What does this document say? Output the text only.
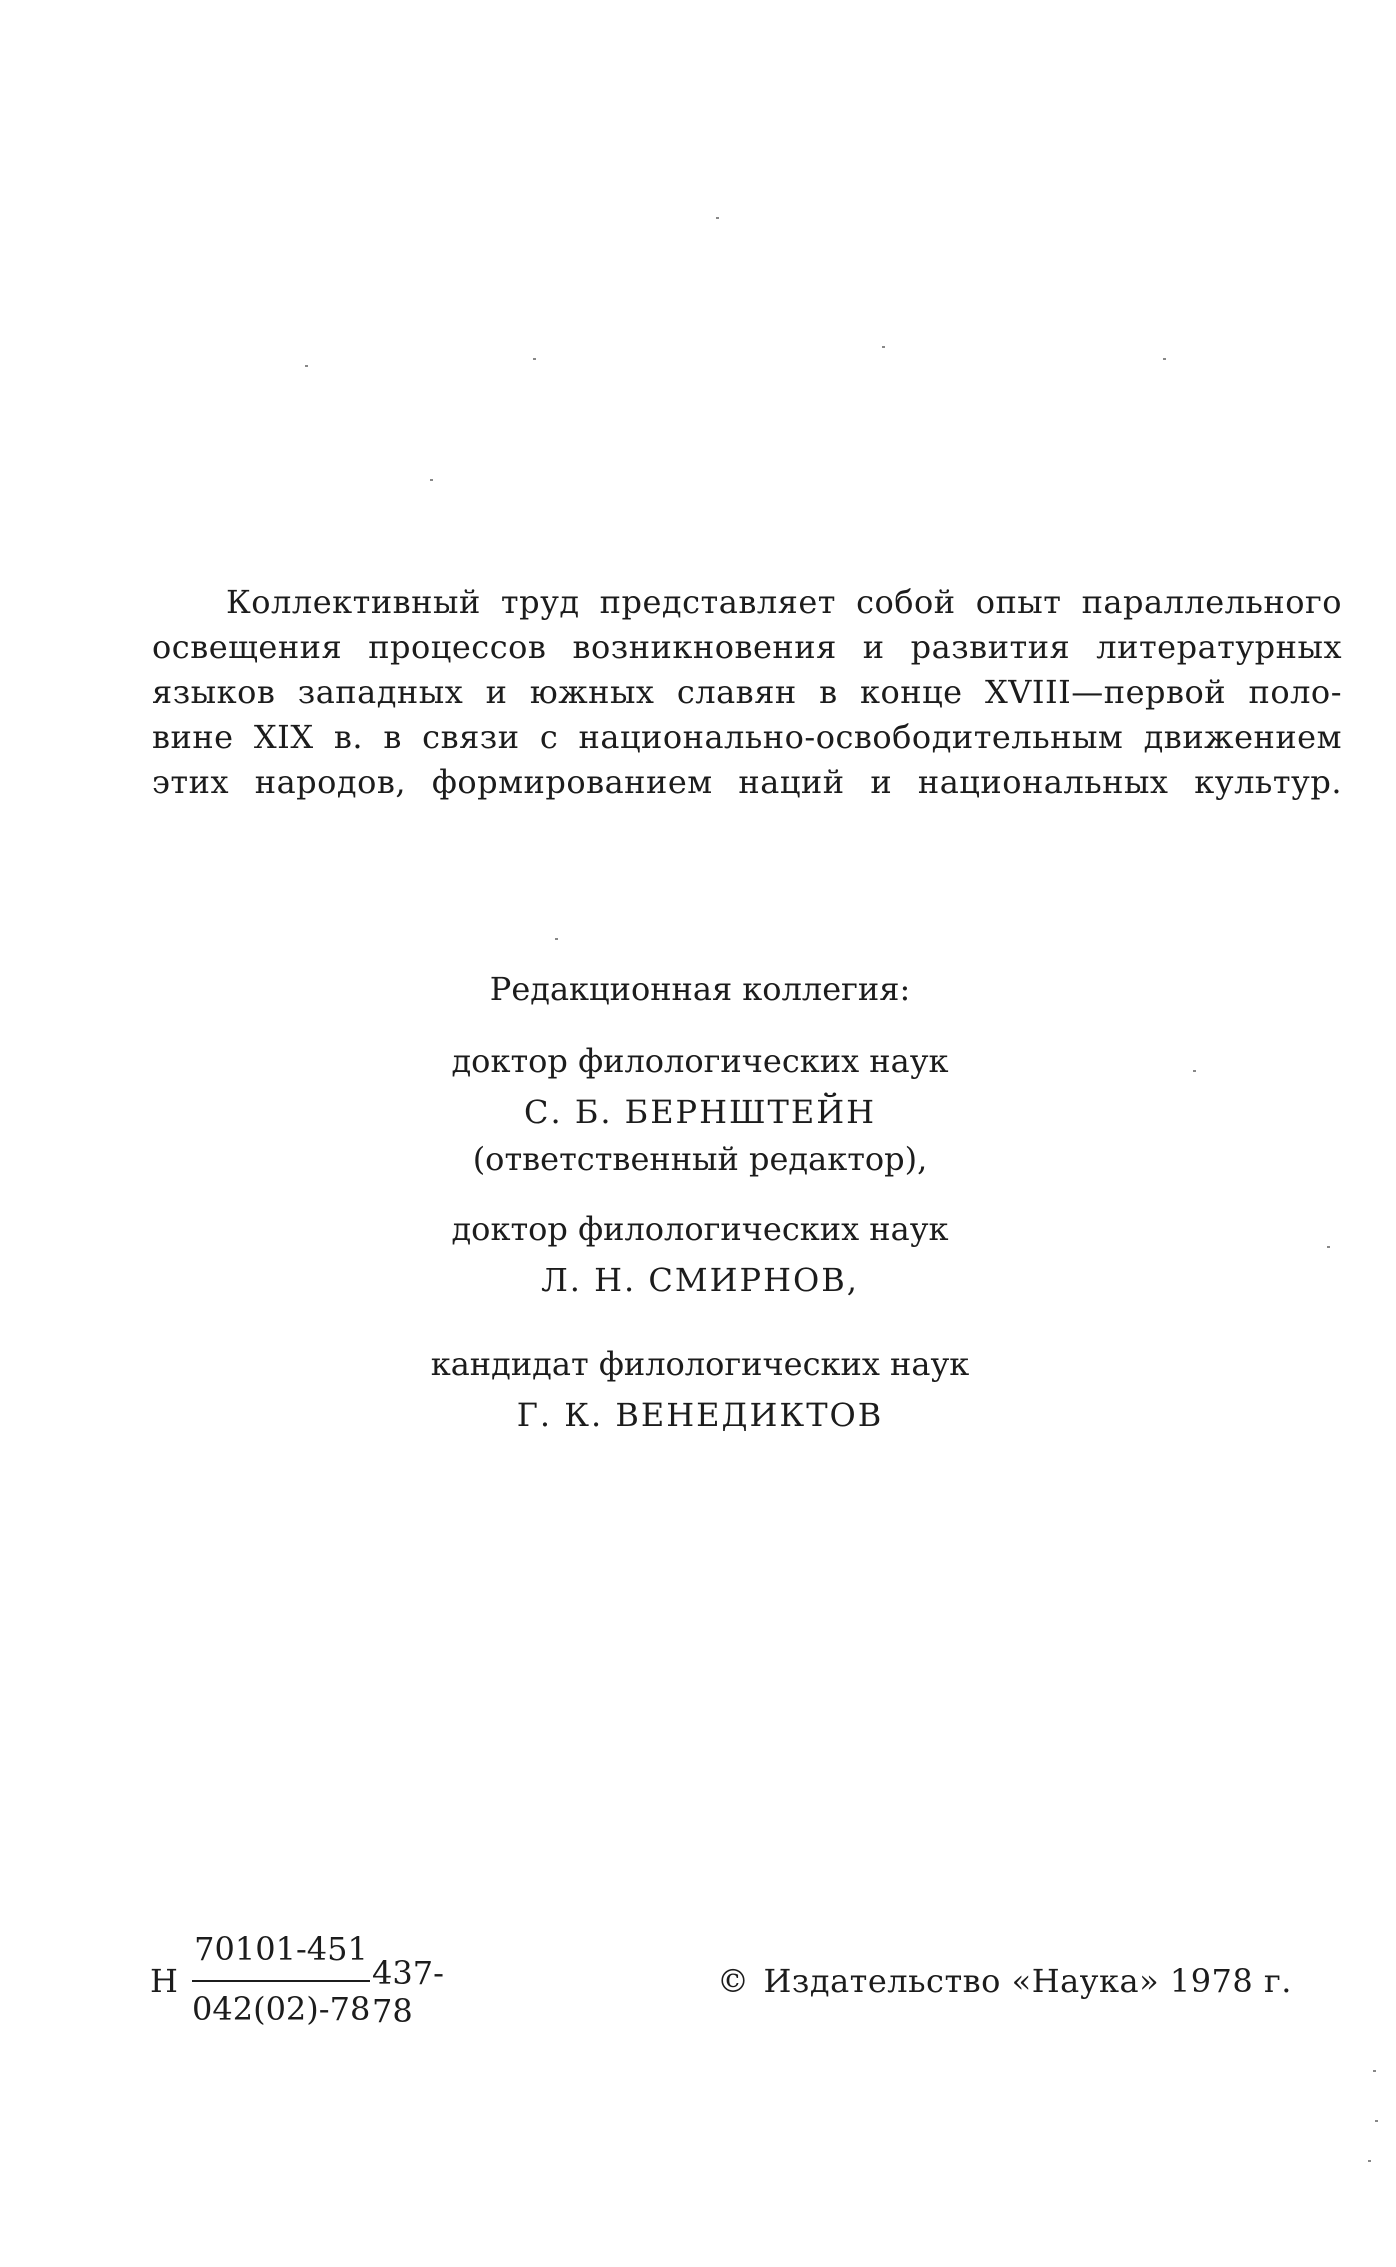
Коллективный труд представляет собой опыт параллельного

освещения процессов возникновения и развития литературных

языков западных и южных славян в конце XVIII—первой поло-

вине XIX в. в связи с национально-освободительным движением

этих народов, формированием наций и национальных культур.

Редакционная коллегия:
доктор филологических наук
С. Б. БЕРНШТЕЙН
(ответственный редактор),
доктор филологических наук
Л. Н. СМИРНОВ,
кандидат филологических наук
Г. К. ВЕНЕДИКТОВ
Н
70101-451
042(02)-78
437-78
© Издательство «Наука» 1978 г.
